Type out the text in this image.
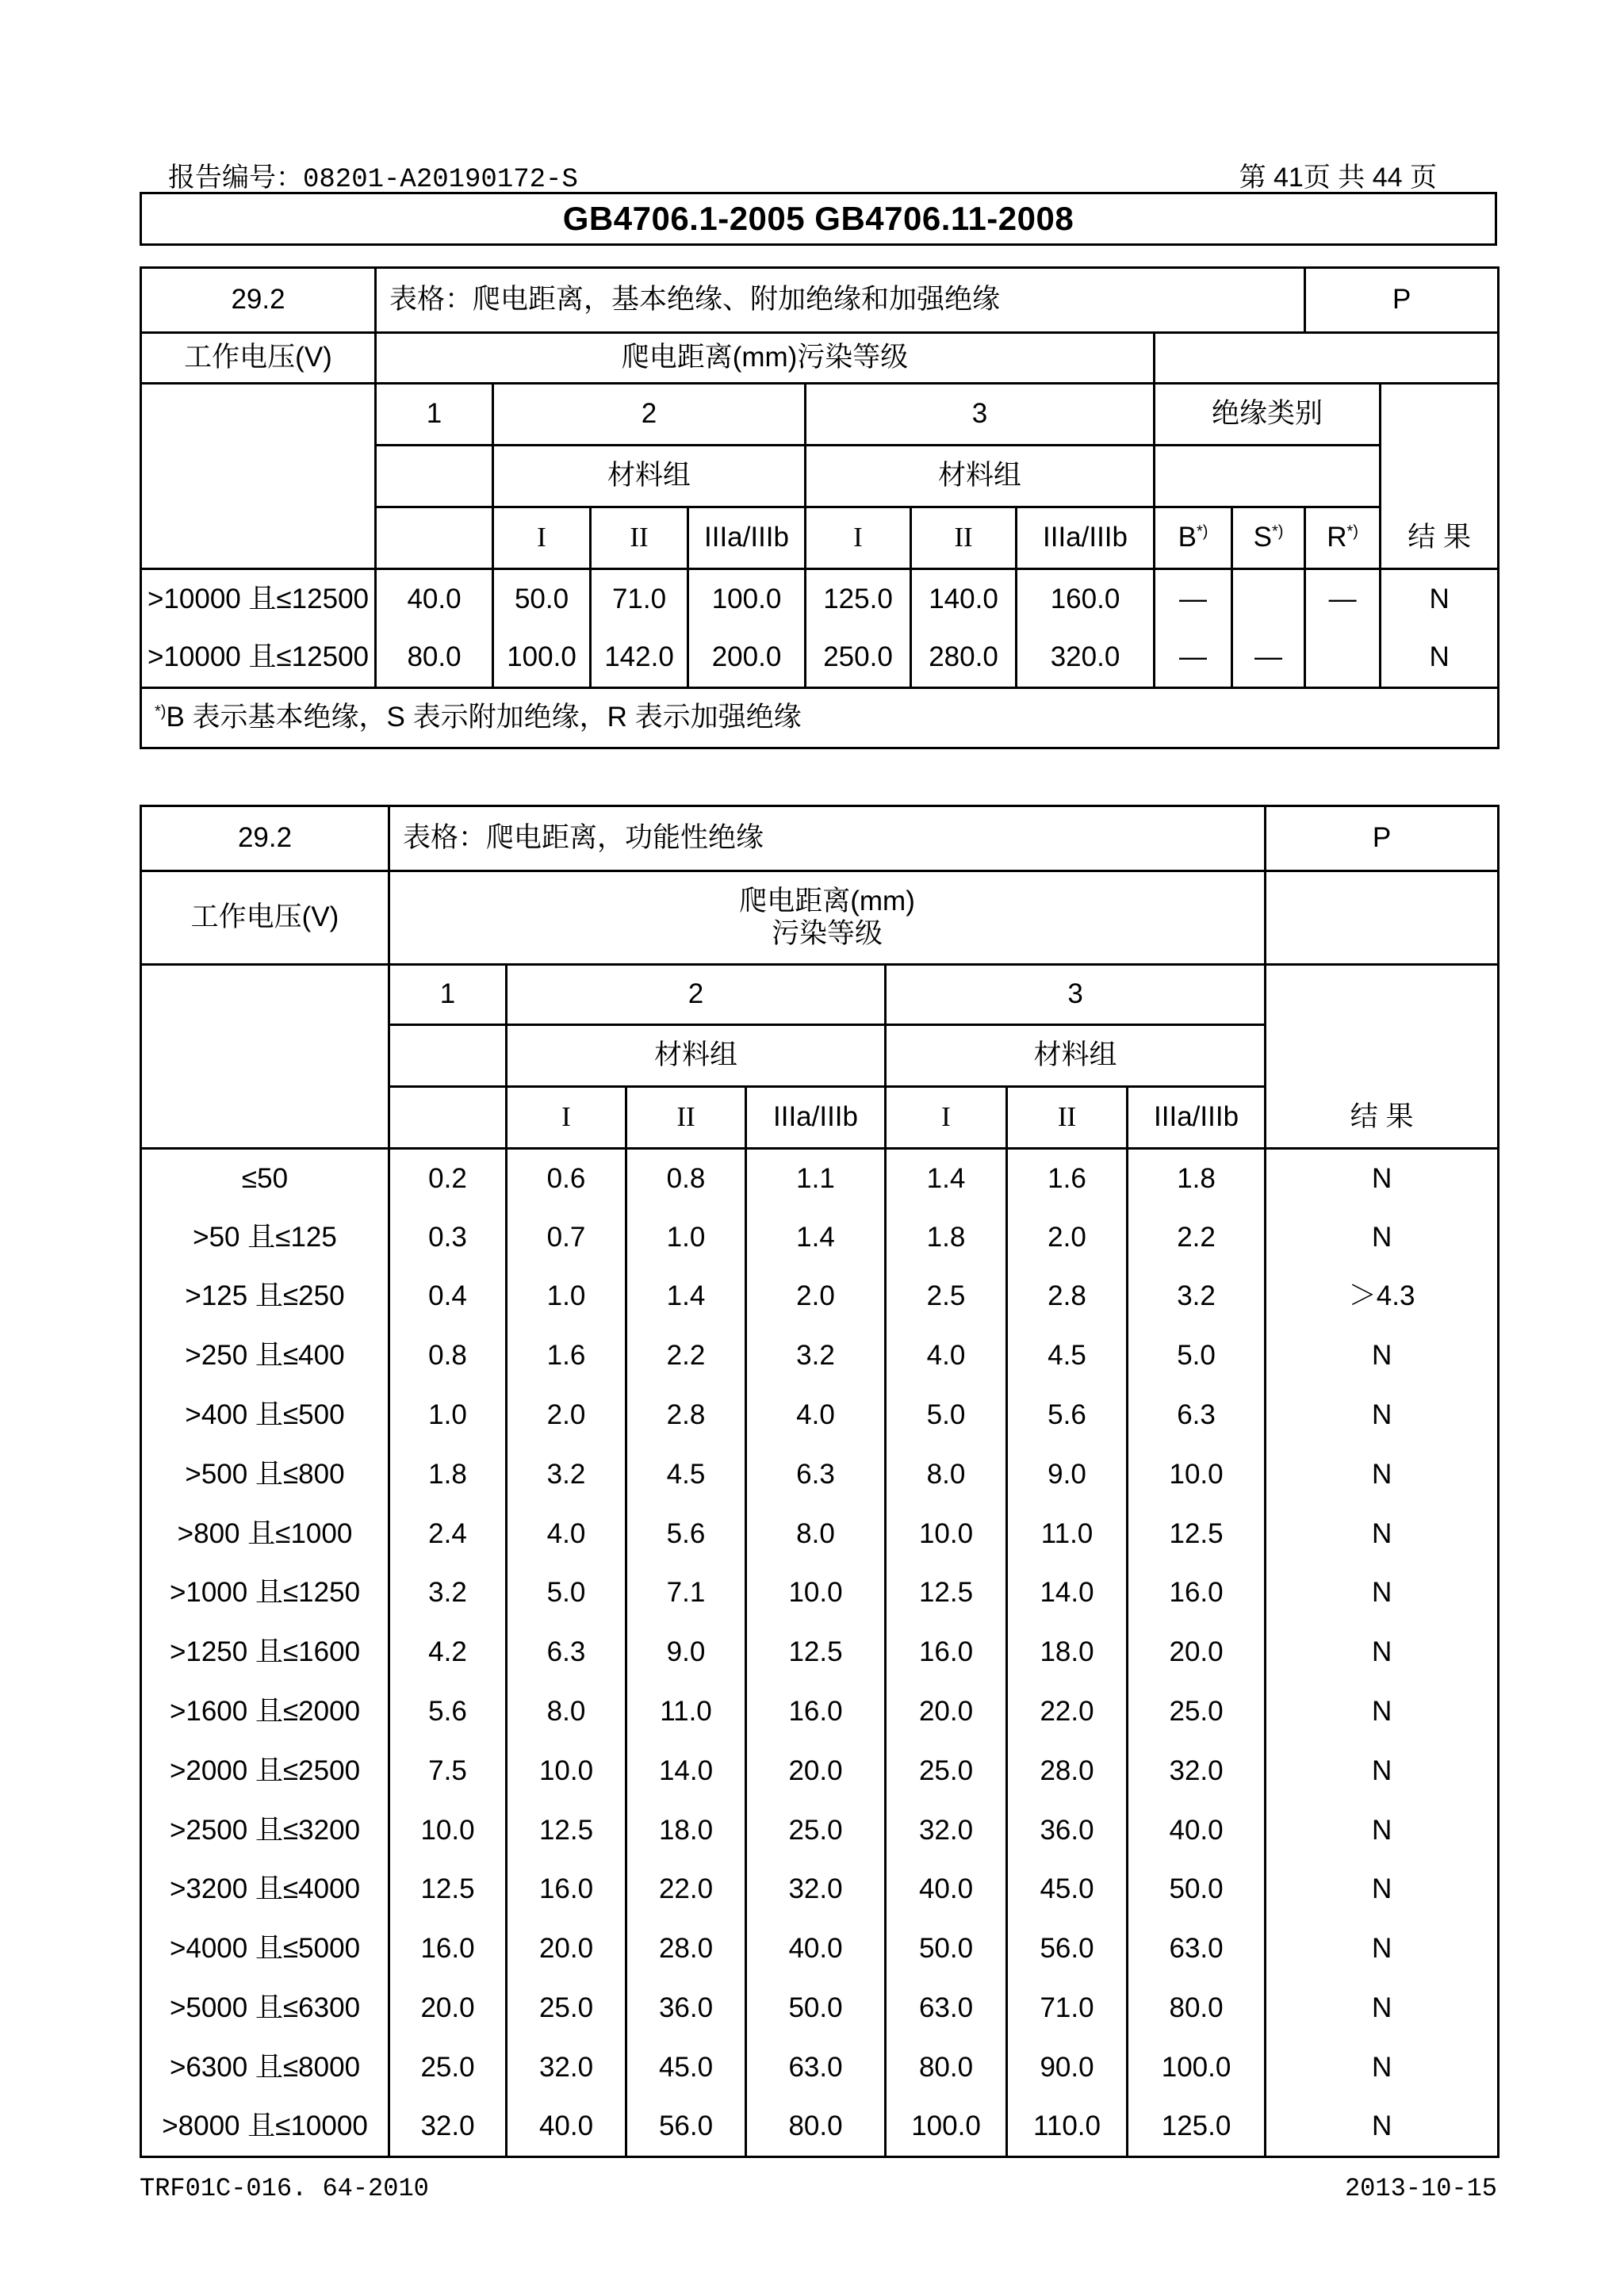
报告编号：08201-A20190172-S	第 41页 共 44 页
GB4706.1-2005 GB4706.11-2008
29.2	表格：爬电距离，基本绝缘、附加绝缘和加强绝缘									P	
工作电压(V)	爬电距离(mm)污染等级										
	1	2			3			绝缘类别			
		材料组			材料组						
		I	II	IIIa/IIIb	I	II	IIIa/IIIb	B*)	S*)	R*)	结 果
>10000 且≤12500	40.0	50.0	71.0	100.0	125.0	140.0	160.0	—		—	N
>10000 且≤12500	80.0	100.0	142.0	200.0	250.0	280.0	320.0	—	—		N
*)B 表示基本绝缘，S 表示附加绝缘，R 表示加强绝缘											
29.2	表格：爬电距离，功能性绝缘							P
工作电压(V)	爬电距离(mm)
污染等级							

	1	2			3			
		材料组			材料组			
		I	II	IIIa/IIIb	I	II	IIIa/IIIb	结 果
≤50	0.2	0.6	0.8	1.1	1.4	1.6	1.8	N
>50 且≤125	0.3	0.7	1.0	1.4	1.8	2.0	2.2	N
>125 且≤250	0.4	1.0	1.4	2.0	2.5	2.8	3.2	＞4.3
>250 且≤400	0.8	1.6	2.2	3.2	4.0	4.5	5.0	N
>400 且≤500	1.0	2.0	2.8	4.0	5.0	5.6	6.3	N
>500 且≤800	1.8	3.2	4.5	6.3	8.0	9.0	10.0	N
>800 且≤1000	2.4	4.0	5.6	8.0	10.0	11.0	12.5	N
>1000 且≤1250	3.2	5.0	7.1	10.0	12.5	14.0	16.0	N
>1250 且≤1600	4.2	6.3	9.0	12.5	16.0	18.0	20.0	N
>1600 且≤2000	5.6	8.0	11.0	16.0	20.0	22.0	25.0	N
>2000 且≤2500	7.5	10.0	14.0	20.0	25.0	28.0	32.0	N
>2500 且≤3200	10.0	12.5	18.0	25.0	32.0	36.0	40.0	N
>3200 且≤4000	12.5	16.0	22.0	32.0	40.0	45.0	50.0	N
>4000 且≤5000	16.0	20.0	28.0	40.0	50.0	56.0	63.0	N
>5000 且≤6300	20.0	25.0	36.0	50.0	63.0	71.0	80.0	N
>6300 且≤8000	25.0	32.0	45.0	63.0	80.0	90.0	100.0	N
>8000 且≤10000	32.0	40.0	56.0	80.0	100.0	110.0	125.0	N
TRF01C-016. 64-2010	2013-10-15
